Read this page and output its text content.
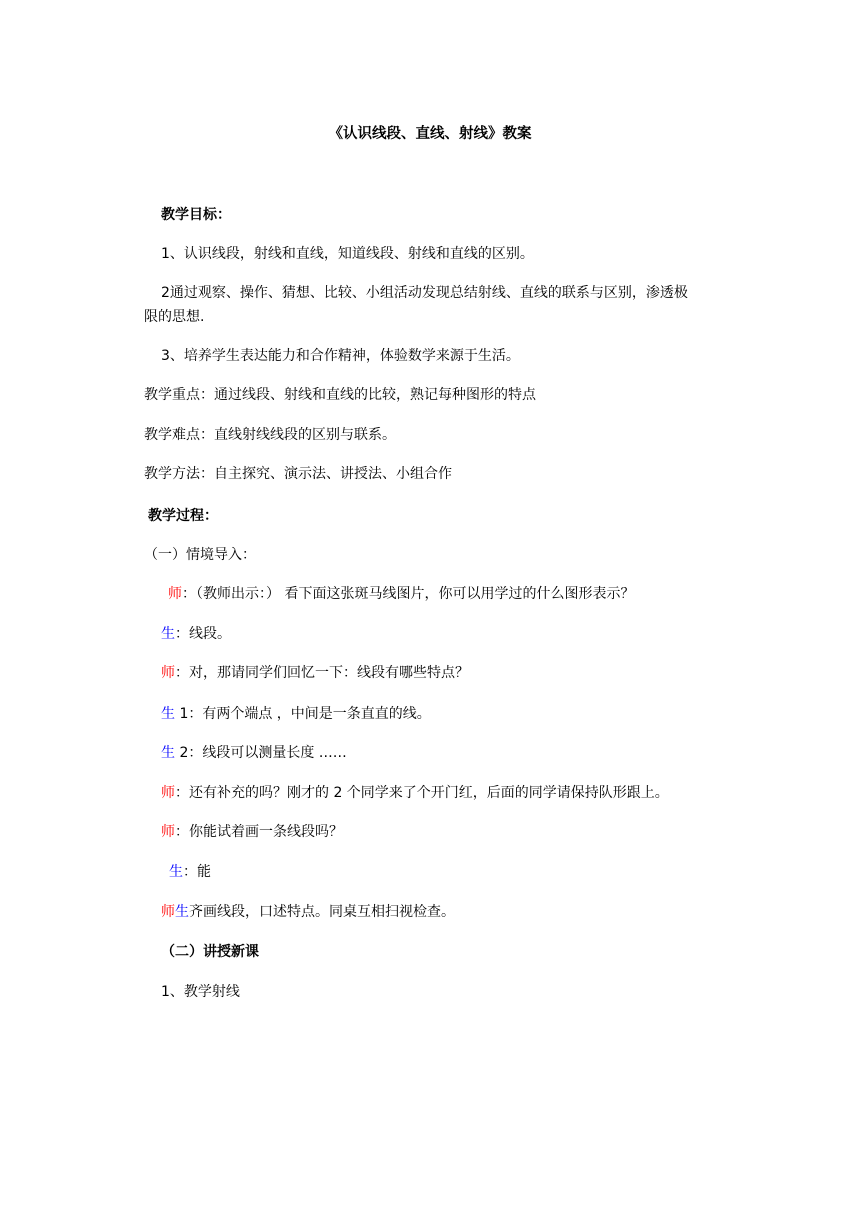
《认识线段、直线、射线》教案
教学目标：
1、认识线段，射线和直线，知道线段、射线和直线的区别。
2通过观察、操作、猜想、比较、小组活动发现总结射线、直线的联系与区别，渗透极
限的思想.
3、培养学生表达能力和合作精神，体验数学来源于生活。
教学重点：通过线段、射线和直线的比较，熟记每种图形的特点
教学难点：直线射线线段的区别与联系。
教学方法：自主探究、演示法、讲授法、小组合作
教学过程：
（一）情境导入：
师：（教师出示：） 看下面这张斑马线图片，你可以用学过的什么图形表示？
生：线段。
师：对，那请同学们回忆一下：线段有哪些特点？
生 1：有两个端点 ，中间是一条直直的线。
生 2：线段可以测量长度 ……
师：还有补充的吗？刚才的 2 个同学来了个开门红，后面的同学请保持队形跟上。
师：你能试着画一条线段吗？
生：能
师生齐画线段，口述特点。同桌互相扫视检查。
（二）讲授新课
1、教学射线
